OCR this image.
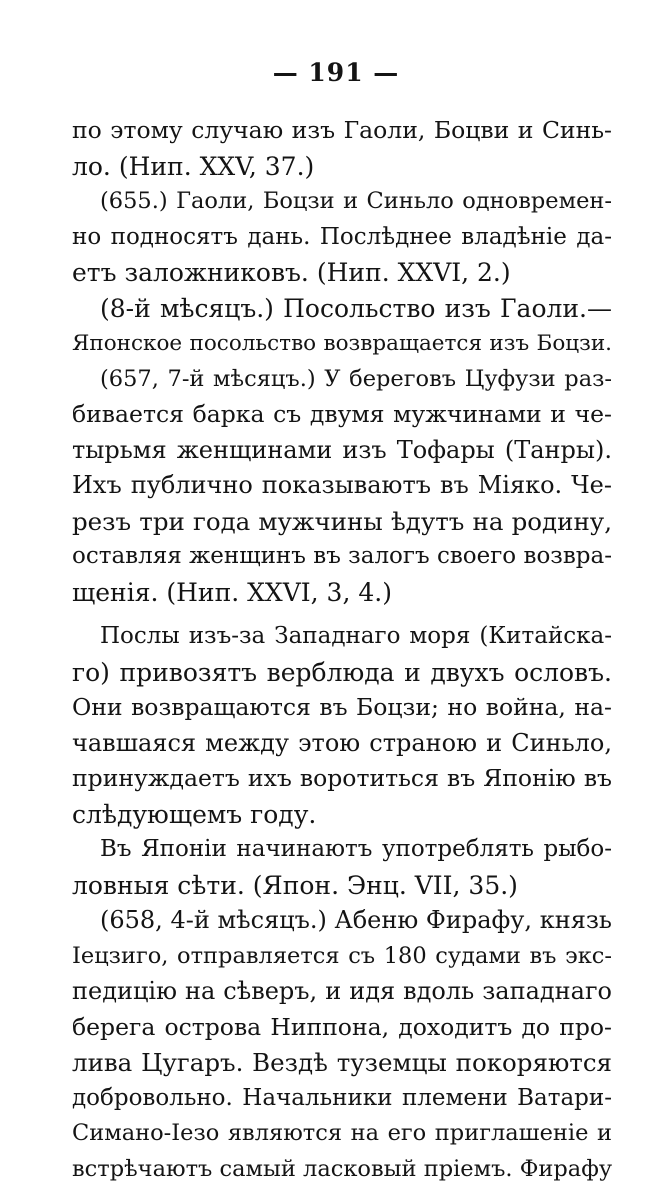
— 191 —
по этому случаю изъ Гаоли, Боцви и Синь-
ло. (Нип. XXV, 37.)
(655.) Гаоли, Боцзи и Синьло одновремен-
но подносятъ дань. Послѣднее владѣніе да-
етъ заложниковъ. (Нип. XXVI, 2.)
(8-й мѣсяцъ.) Посольство изъ Гаоли.—
Японское посольство возвращается изъ Боцзи.
(657, 7-й мѣсяцъ.) У береговъ Цуфузи раз-
бивается барка съ двумя мужчинами и че-
тырьмя женщинами изъ Тофары (Танры).
Ихъ публично показываютъ въ Міяко. Че-
резъ три года мужчины ѣдутъ на родину,
оставляя женщинъ въ залогъ своего возвра-
щенія. (Нип. XXVI, 3, 4.)
Послы изъ-за Западнаго моря (Китайска-
го) привозятъ верблюда и двухъ ословъ.
Они возвращаются въ Боцзи; но война, на-
чавшаяся между этою страною и Синьло,
принуждаетъ ихъ воротиться въ Японію въ
слѣдующемъ году.
Въ Японіи начинаютъ употреблять рыбо-
ловныя сѣти. (Япон. Энц. VII, 35.)
(658, 4-й мѣсяцъ.) Абеню Фирафу, князь
Іецзиго, отправляется съ 180 судами въ экс-
педицію на сѣверъ, и идя вдоль западнаго
берега острова Ниппона, доходитъ до про-
лива Цугаръ. Вездѣ туземцы покоряются
добровольно. Начальники племени Ватари-
Симано-Іезо являются на его приглашеніе и
встрѣчаютъ самый ласковый пріемъ. Фирафу
